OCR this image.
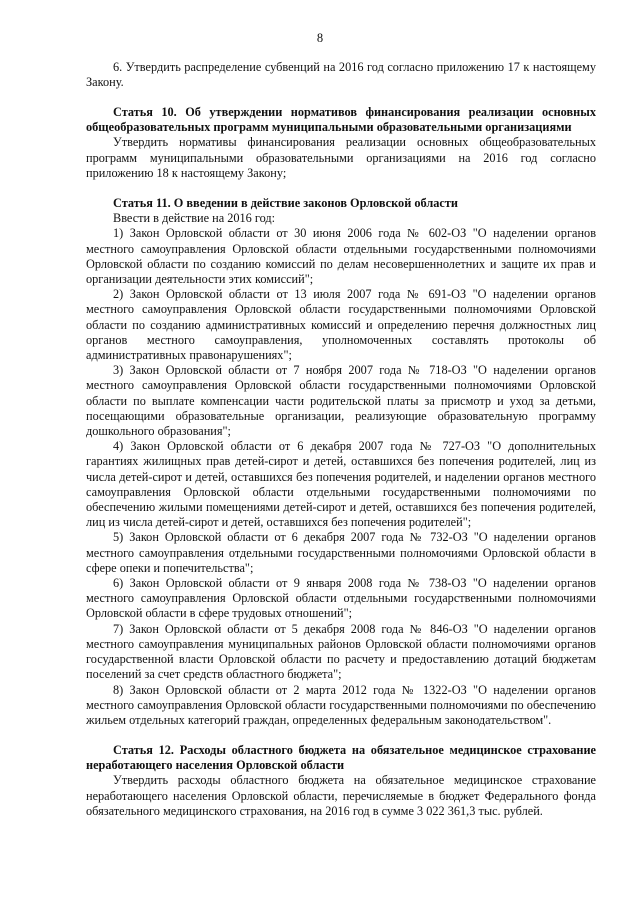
8

6. Утвердить распределение субвенций на 2016 год согласно приложению 17 к настоящему Закону.

Статья 10. Об утверждении нормативов финансирования реализации основных общеобразовательных программ муниципальными образовательными организациями

Утвердить нормативы финансирования реализации основных общеобразовательных программ муниципальными образовательными организациями на 2016 год согласно приложению 18 к настоящему Закону;

Статья 11. О введении в действие законов Орловской области

Ввести в действие на 2016 год:

1) Закон Орловской области от 30 июня 2006 года № 602-ОЗ "О наделении органов местного самоуправления Орловской области отдельными государственными полномочиями Орловской области по созданию комиссий по делам несовершеннолетних и защите их прав и организации деятельности этих комиссий";

2) Закон Орловской области от 13 июля 2007 года № 691-ОЗ "О наделении органов местного самоуправления Орловской области государственными полномочиями Орловской области по созданию административных комиссий и определению перечня должностных лиц органов местного самоуправления, уполномоченных составлять протоколы об административных правонарушениях";

3) Закон Орловской области от 7 ноября 2007 года № 718-ОЗ "О наделении органов местного самоуправления Орловской области государственными полномочиями Орловской области по выплате компенсации части родительской платы за присмотр и уход за детьми, посещающими образовательные организации, реализующие образовательную программу дошкольного образования";

4) Закон Орловской области от 6 декабря 2007 года № 727-ОЗ "О дополнительных гарантиях жилищных прав детей-сирот и детей, оставшихся без попечения родителей, лиц из числа детей-сирот и детей, оставшихся без попечения родителей, и наделении органов местного самоуправления Орловской области отдельными государственными полномочиями по обеспечению жилыми помещениями детей-сирот и детей, оставшихся без попечения родителей, лиц из числа детей-сирот и детей, оставшихся без попечения родителей";

5) Закон Орловской области от 6 декабря 2007 года № 732-ОЗ "О наделении органов местного самоуправления отдельными государственными полномочиями Орловской области в сфере опеки и попечительства";

6) Закон Орловской области от 9 января 2008 года № 738-ОЗ "О наделении органов местного самоуправления Орловской области отдельными государственными полномочиями Орловской области в сфере трудовых отношений";

7) Закон Орловской области от 5 декабря 2008 года № 846-ОЗ "О наделении органов местного самоуправления муниципальных районов Орловской области полномочиями органов государственной власти Орловской области по расчету и предоставлению дотаций бюджетам поселений за счет средств областного бюджета";

8) Закон Орловской области от 2 марта 2012 года № 1322-ОЗ "О наделении органов местного самоуправления Орловской области государственными полномочиями по обеспечению жильем отдельных категорий граждан, определенных федеральным законодательством".

Статья 12. Расходы областного бюджета на обязательное медицинское страхование неработающего населения Орловской области

Утвердить расходы областного бюджета на обязательное медицинское страхование неработающего населения Орловской области, перечисляемые в бюджет Федерального фонда обязательного медицинского страхования, на 2016 год в сумме 3 022 361,3 тыс. рублей.
